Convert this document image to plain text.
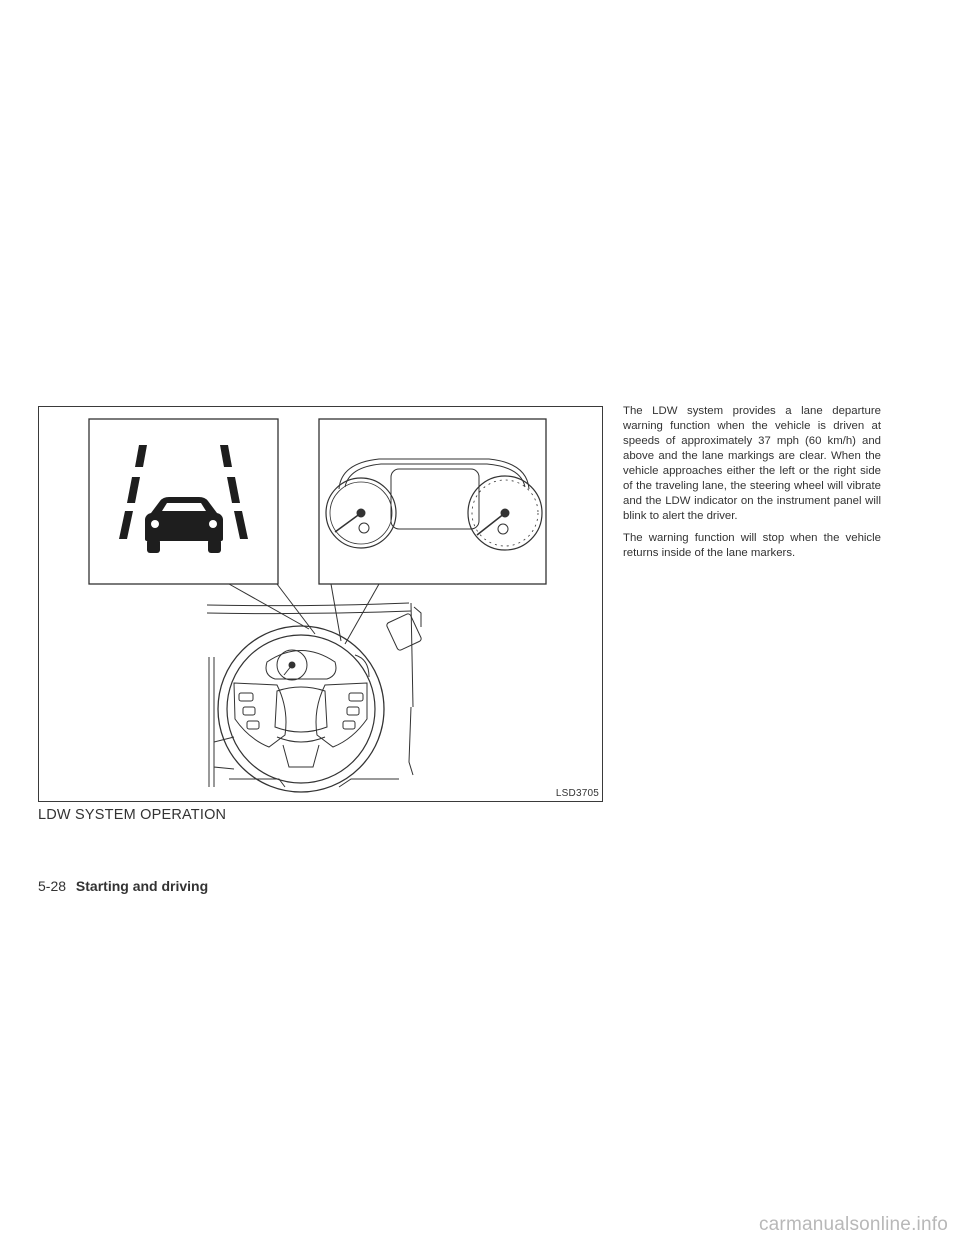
LSD3705
LDW SYSTEM OPERATION

The LDW system provides a lane departure warning function when the vehicle is driven at speeds of approximately 37 mph (60 km/h) and above and the lane markings are clear. When the vehicle approaches either the left or the right side of the traveling lane, the steering wheel will vibrate and the LDW indicator on the instrument panel will blink to alert the driver.

The warning function will stop when the vehicle returns inside of the lane markers.

5-28 Starting and driving
carmanualsonline.info
